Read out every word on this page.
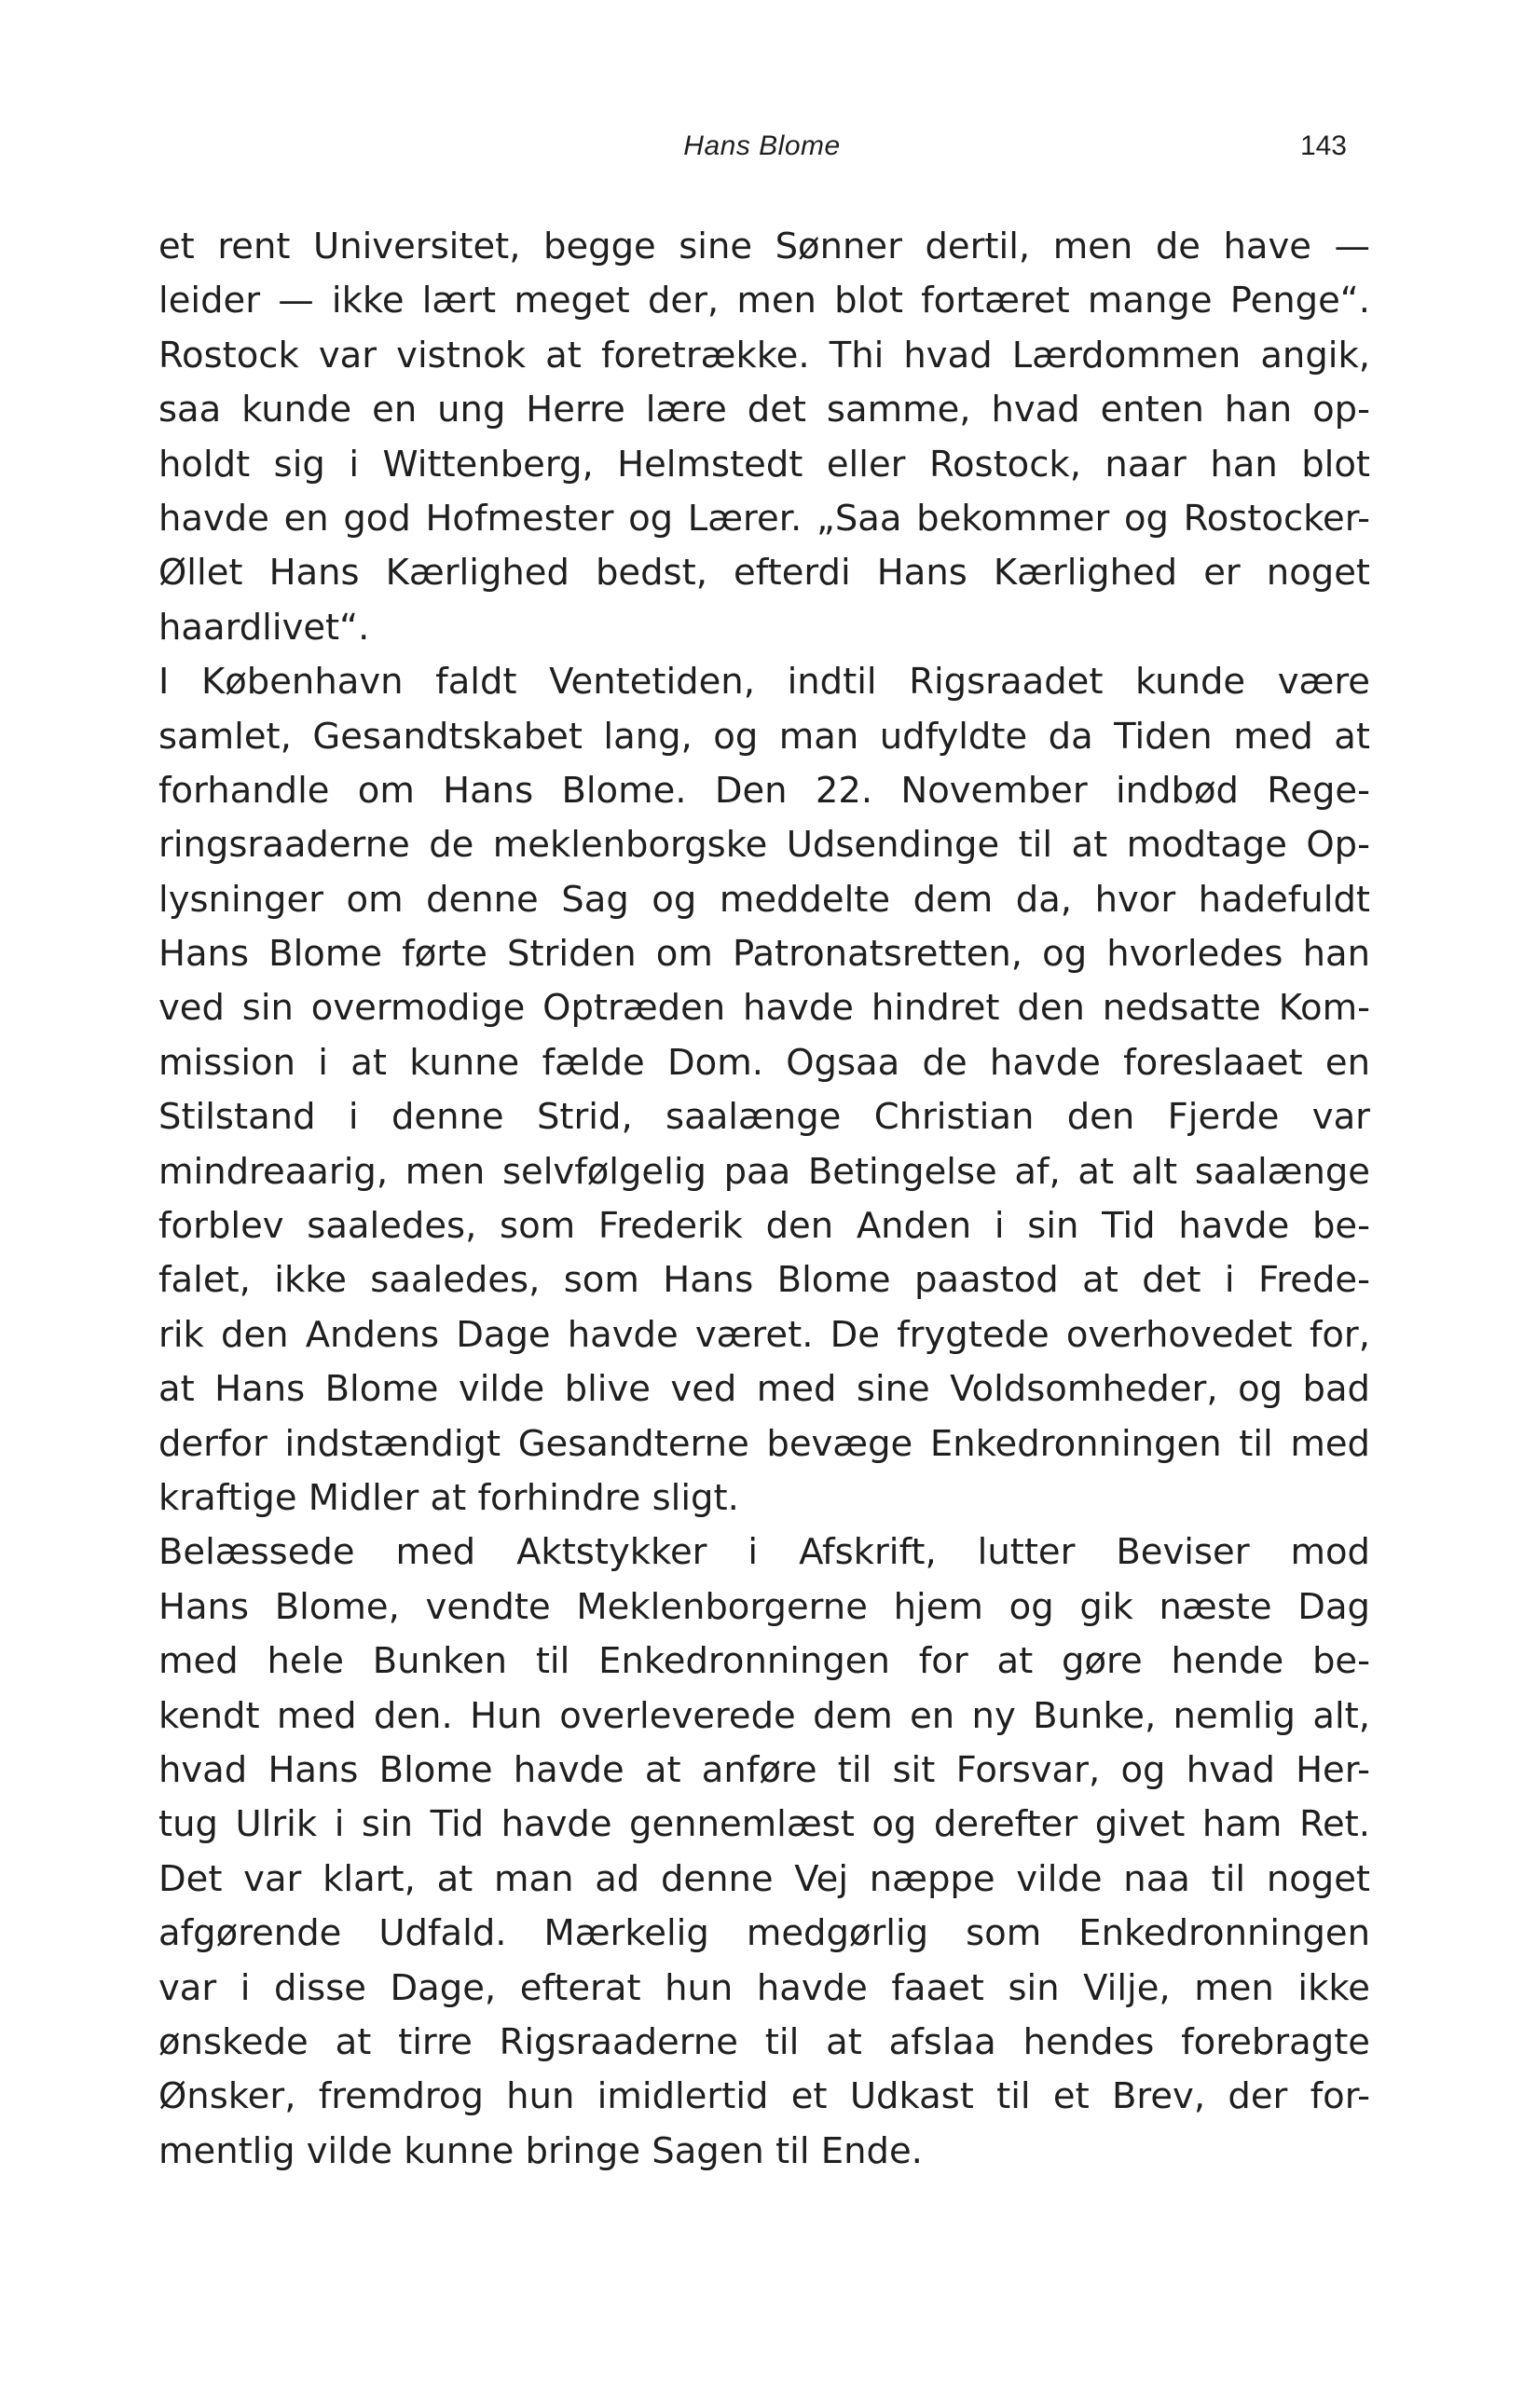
Hans Blome	143
et rent Universitet, begge sine Sønner dertil, men de have —
leider — ikke lært meget der, men blot fortæret mange Penge“.
Rostock var vistnok at foretrække. Thi hvad Lærdommen angik,
saa kunde en ung Herre lære det samme, hvad enten han op-
holdt sig i Wittenberg, Helmstedt eller Rostock, naar han blot
havde en god Hofmester og Lærer. „Saa bekommer og Rostocker-
Øllet Hans Kærlighed bedst, efterdi Hans Kærlighed er noget
haardlivet“.
I København faldt Ventetiden, indtil Rigsraadet kunde være
samlet, Gesandtskabet lang, og man udfyldte da Tiden med at
forhandle om Hans Blome. Den 22. November indbød Rege-
ringsraaderne de meklenborgske Udsendinge til at modtage Op-
lysninger om denne Sag og meddelte dem da, hvor hadefuldt
Hans Blome førte Striden om Patronatsretten, og hvorledes han
ved sin overmodige Optræden havde hindret den nedsatte Kom-
mission i at kunne fælde Dom. Ogsaa de havde foreslaaet en
Stilstand i denne Strid, saalænge Christian den Fjerde var
mindreaarig, men selvfølgelig paa Betingelse af, at alt saalænge
forblev saaledes, som Frederik den Anden i sin Tid havde be-
falet, ikke saaledes, som Hans Blome paastod at det i Frede-
rik den Andens Dage havde været. De frygtede overhovedet for,
at Hans Blome vilde blive ved med sine Voldsomheder, og bad
derfor indstændigt Gesandterne bevæge Enkedronningen til med
kraftige Midler at forhindre sligt.
Belæssede med Aktstykker i Afskrift, lutter Beviser mod
Hans Blome, vendte Meklenborgerne hjem og gik næste Dag
med hele Bunken til Enkedronningen for at gøre hende be-
kendt med den. Hun overleverede dem en ny Bunke, nemlig alt,
hvad Hans Blome havde at anføre til sit Forsvar, og hvad Her-
tug Ulrik i sin Tid havde gennemlæst og derefter givet ham Ret.
Det var klart, at man ad denne Vej næppe vilde naa til noget
afgørende Udfald. Mærkelig medgørlig som Enkedronningen
var i disse Dage, efterat hun havde faaet sin Vilje, men ikke
ønskede at tirre Rigsraaderne til at afslaa hendes forebragte
Ønsker, fremdrog hun imidlertid et Udkast til et Brev, der for-
mentlig vilde kunne bringe Sagen til Ende.
